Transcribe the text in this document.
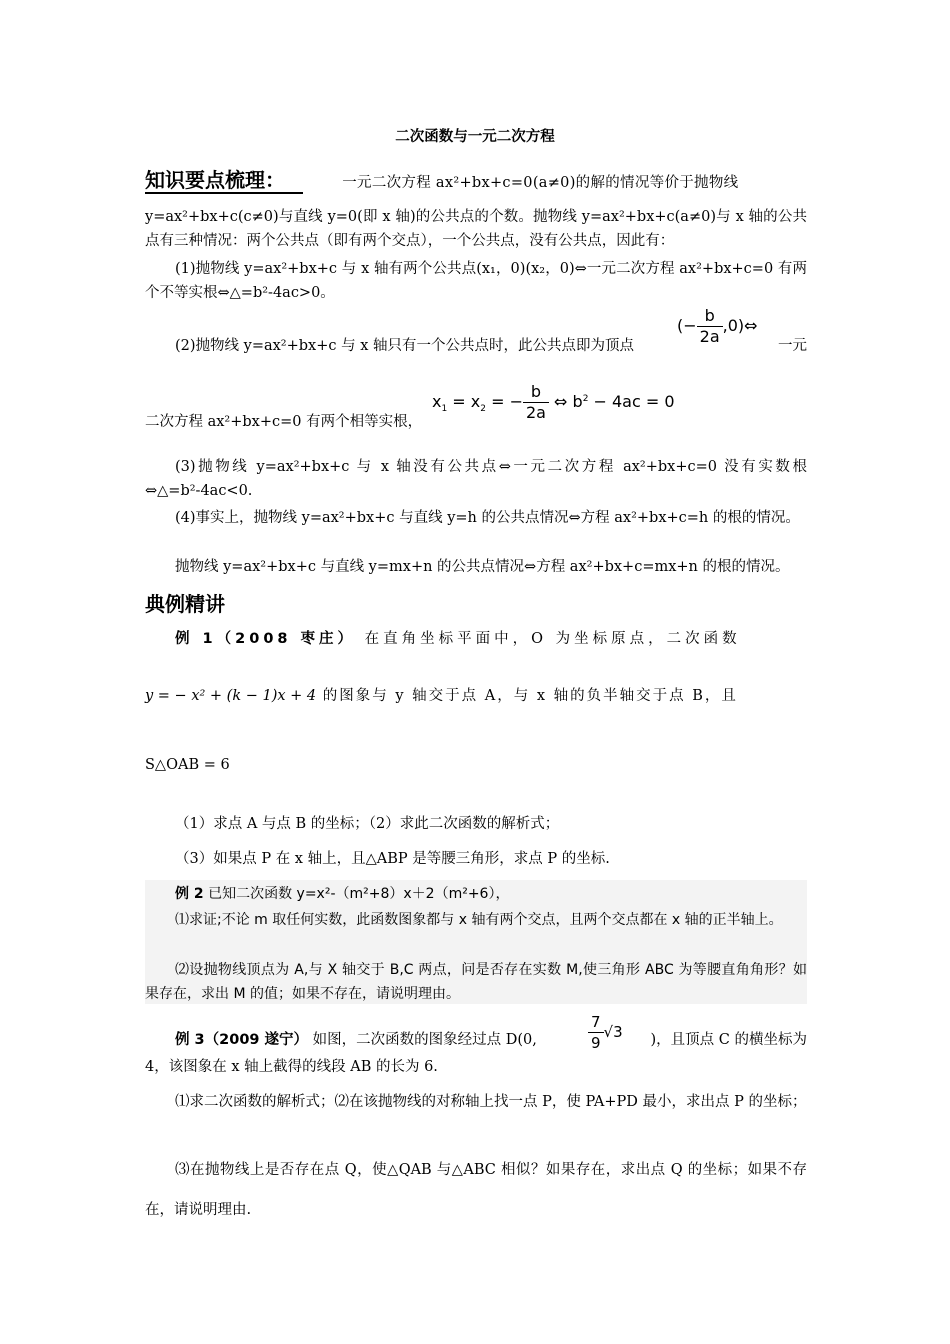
二次函数与一元二次方程
知识要点梳理：	一元二次方程 ax²+bx+c=0(a≠0)的解的情况等价于抛物线
y=ax²+bx+c(c≠0)与直线 y=0(即 x 轴)的公共点的个数。抛物线 y=ax²+bx+c(a≠0)与 x 轴的公共点有三种情况：两个公共点（即有两个交点），一个公共点，没有公共点，因此有：
(1)抛物线 y=ax²+bx+c 与 x 轴有两个公共点(x₁，0)(x₂，0)⇔一元二次方程 ax²+bx+c=0 有两个不等实根⇔△=b²-4ac>0。
(2)抛物线 y=ax²+bx+c 与 x 轴只有一个公共点时，此公共点即为顶点
(− $\frac{b}{2a}$ ,0)⇔
一元
$x_1 = x_2$ = − $\frac{b}{2a}$ ⇔ $b^2 - 4ac = 0$
二次方程 ax²+bx+c=0 有两个相等实根，
(3)抛物线 y=ax²+bx+c 与 x 轴没有公共点⇔一元二次方程 ax²+bx+c=0 没有实数根⇔△=b²-4ac<0.
(4)事实上，抛物线 y=ax²+bx+c 与直线 y=h 的公共点情况⇔方程 ax²+bx+c=h 的根的情况。
抛物线 y=ax²+bx+c 与直线 y=mx+n 的公共点情况⇔方程 ax²+bx+c=mx+n 的根的情况。
典例精讲
例 1（2008 枣庄） 在直角坐标平面中，O 为坐标原点，二次函数
y = − x² + (k − 1)x + 4 的图象与 y 轴交于点 A，与 x 轴的负半轴交于点 B，且
S△OAB = 6
（1）求点 A 与点 B 的坐标；（2）求此二次函数的解析式；
（3）如果点 P 在 x 轴上，且△ABP 是等腰三角形，求点 P 的坐标.
例 2 已知二次函数 y=x²-（m²+8）x＋2（m²+6），
⑴求证;不论 m 取任何实数，此函数图象都与 x 轴有两个交点，且两个交点都在 x 轴的正半轴上。
⑵设抛物线顶点为 A,与 X 轴交于 B,C 两点，问是否存在实数 M,使三角形 ABC 为等腰直角角形？如果存在，求出 M 的值；如果不存在，请说明理由。
例 3（2009 遂宁） 如图，二次函数的图象经过点 D(0,	$\frac{7}{9} √3$	)，且顶点 C 的横坐标为
4，该图象在 x 轴上截得的线段 AB 的长为 6.
⑴求二次函数的解析式；⑵在该抛物线的对称轴上找一点 P，使 PA+PD 最小，求出点 P 的坐标；
⑶在抛物线上是否存在点 Q，使△QAB 与△ABC 相似？如果存在，求出点 Q 的坐标；如果不存在，请说明理由.
